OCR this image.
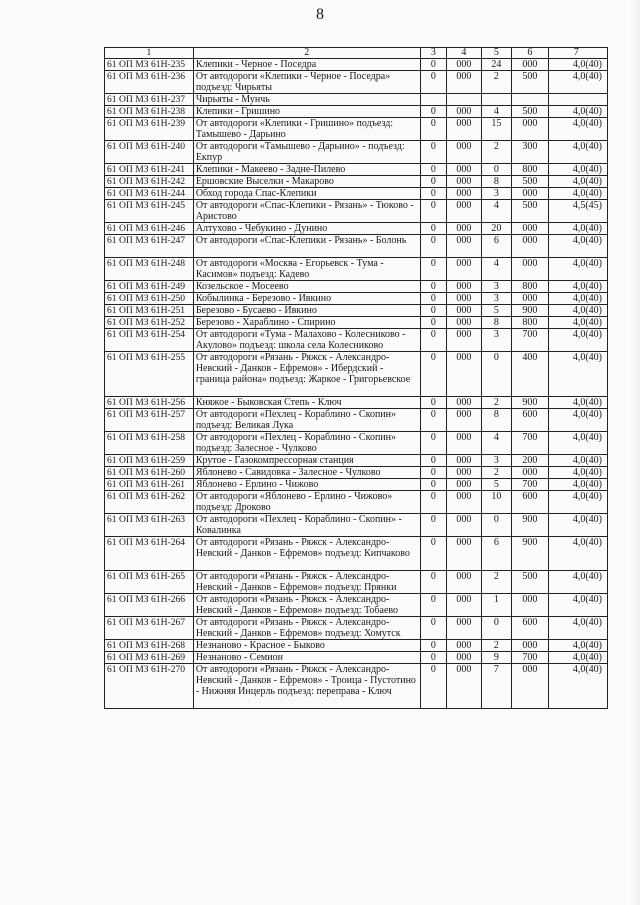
8
1	2	3	4	5	6	7
61 ОП МЗ 61Н-235	Клепики - Черное - Поседра	0	000	24	000	4,0(40)
61 ОП МЗ 61Н-236	От автодороги «Клепики - Черное - Поседра» подъезд: Чирьяты	0	000	2	500	4,0(40)
61 ОП МЗ 61Н-237	Чирьяты - Мунчь					
61 ОП МЗ 61Н-238	Клепики - Гришино	0	000	4	500	4,0(40)
61 ОП МЗ 61Н-239	От автодороги «Клепики - Гришино» подъезд: Тамышево - Дарьино	0	000	15	000	4,0(40)
61 ОП МЗ 61Н-240	От автодороги «Тамышево - Дарьино» - подъезд: Екпур	0	000	2	300	4,0(40)
61 ОП МЗ 61Н-241	Клепики - Макеево - Задне-Пилево	0	000	0	800	4,0(40)
61 ОП МЗ 61Н-242	Ершовские Выселки - Макарово	0	000	8	500	4,0(40)
61 ОП МЗ 61Н-244	Обход города Спас-Клепики	0	000	3	000	4,0(40)
61 ОП МЗ 61Н-245	От автодороги «Спас-Клепики - Рязань» - Тюково - Аристово	0	000	4	500	4,5(45)
61 ОП МЗ 61Н-246	Алтухово - Чебукино - Дунино	0	000	20	000	4,0(40)
61 ОП МЗ 61Н-247	От автодороги «Спас-Клепики - Рязань» - Болонь	0	000	6	000	4,0(40)
61 ОП МЗ 61Н-248	От автодороги «Москва - Егорьевск - Тума - Касимов» подъезд: Кадево	0	000	4	000	4,0(40)
61 ОП МЗ 61Н-249	Козельское - Мосеево	0	000	3	800	4,0(40)
61 ОП МЗ 61Н-250	Кобылинка - Березово - Ивкино	0	000	3	000	4,0(40)
61 ОП МЗ 61Н-251	Березово - Бусаево - Ивкино	0	000	5	900	4,0(40)
61 ОП МЗ 61Н-252	Березово - Хараблино - Спирино	0	000	8	800	4,0(40)
61 ОП МЗ 61Н-254	От автодороги «Тума - Малахово - Колесниково - Акулово» подъезд: школа села Колесниково	0	000	3	700	4,0(40)
61 ОП МЗ 61Н-255	От автодороги «Рязань - Ряжск - Александро-Невский - Данков - Ефремов» - Ибердский - граница района» подъезд: Жаркое - Григорьевское	0	000	0	400	4,0(40)
61 ОП МЗ 61Н-256	Княжое - Быковская Степь - Ключ	0	000	2	900	4,0(40)
61 ОП МЗ 61Н-257	От автодороги «Пехлец - Кораблино - Скопин» подъезд: Великая Лука	0	000	8	600	4,0(40)
61 ОП МЗ 61Н-258	От автодороги «Пехлец - Кораблино - Скопин» подъезд: Залесное - Чулково	0	000	4	700	4,0(40)
61 ОП МЗ 61Н-259	Крутое - Газокомпрессорная станция	0	000	3	200	4,0(40)
61 ОП МЗ 61Н-260	Яблонево - Савидовка - Залесное - Чулково	0	000	2	000	4,0(40)
61 ОП МЗ 61Н-261	Яблонево - Ерлино - Чижово	0	000	5	700	4,0(40)
61 ОП МЗ 61Н-262	От автодороги «Яблонево - Ерлино - Чижово» подъезд: Дроково	0	000	10	600	4,0(40)
61 ОП МЗ 61Н-263	От автодороги «Пехлец - Кораблино - Скопин» - Ковалинка	0	000	0	900	4,0(40)
61 ОП МЗ 61Н-264	От автодороги «Рязань - Ряжск - Александро-Невский - Данков - Ефремов» подъезд: Кипчаково	0	000	6	900	4,0(40)
61 ОП МЗ 61Н-265	От автодороги «Рязань - Ряжск - Александро-Невский - Данков - Ефремов» подъезд: Прянки	0	000	2	500	4,0(40)
61 ОП МЗ 61Н-266	От автодороги «Рязань - Ряжск - Александро-Невский - Данков - Ефремов» подъезд: Тобаево	0	000	1	000	4,0(40)
61 ОП МЗ 61Н-267	От автодороги «Рязань - Ряжск - Александро-Невский - Данков - Ефремов» подъезд: Хомутск	0	000	0	600	4,0(40)
61 ОП МЗ 61Н-268	Незнаново - Красное - Быково	0	000	2	000	4,0(40)
61 ОП МЗ 61Н-269	Незнаново - Семион	0	000	9	700	4,0(40)
61 ОП МЗ 61Н-270	От автодороги «Рязань - Ряжск - Александро-Невский - Данков - Ефремов» - Троица - Пустотино - Нижняя Инцерль подъезд: переправа - Ключ	0	000	7	000	4,0(40)
